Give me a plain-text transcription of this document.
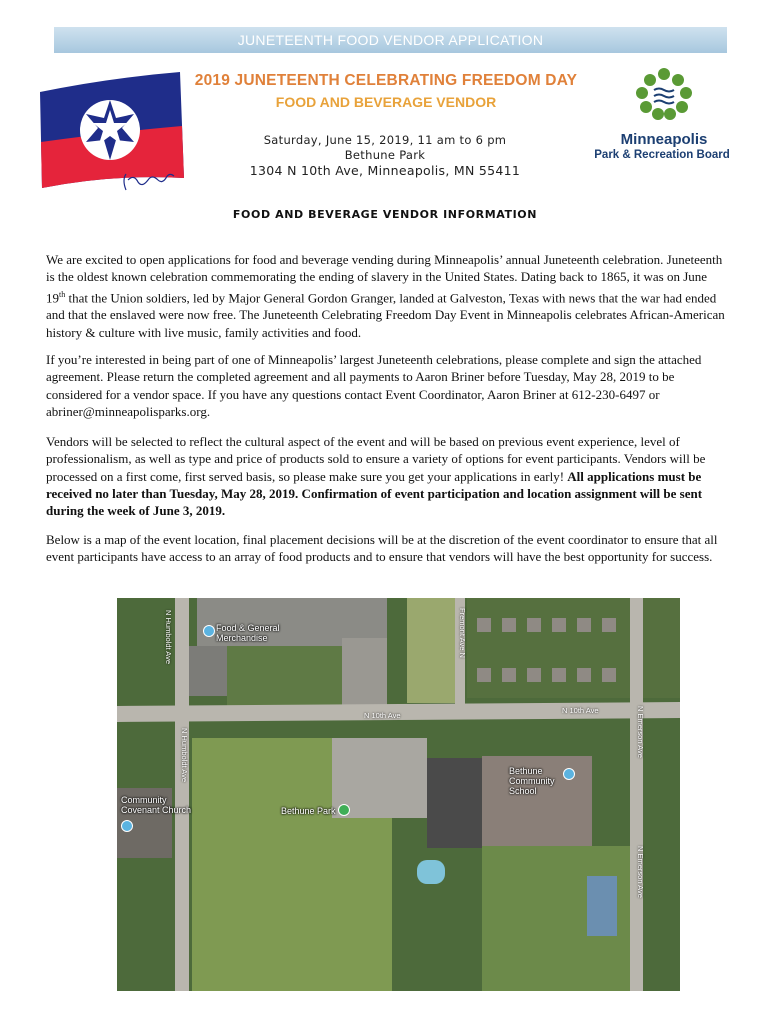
JUNETEENTH FOOD VENDOR APPLICATION
2019 JUNETEENTH CELEBRATING FREEDOM DAY
FOOD AND BEVERAGE VENDOR
Saturday, June 15, 2019, 11 am to 6 pm
Bethune Park
1304 N 10th Ave, Minneapolis, MN 55411
Minneapolis
Park & Recreation Board
FOOD AND BEVERAGE VENDOR INFORMATION

We are excited to open applications for food and beverage vending during Minneapolis’ annual Juneteenth celebration. Juneteenth is the oldest known celebration commemorating the ending of slavery in the United States. Dating back to 1865, it was on June 19th that the Union soldiers, led by Major General Gordon Granger, landed at Galveston, Texas with news that the war had ended and that the enslaved were now free. The Juneteenth Celebrating Freedom Day Event in Minneapolis celebrates African-American history & culture with live music, family activities and food.

If you’re interested in being part of one of Minneapolis’ largest Juneteenth celebrations, please complete and sign the attached agreement. Please return the completed agreement and all payments to Aaron Briner before Tuesday, May 28, 2019 to be considered for a vendor space. If you have any questions contact Event Coordinator, Aaron Briner at 612-230-6497 or abriner@minneapolisparks.org.

Vendors will be selected to reflect the cultural aspect of the event and will be based on previous event experience, level of professionalism, as well as type and price of products sold to ensure a variety of options for event participants. Vendors will be processed on a first come, first served basis, so please make sure you get your applications in early! All applications must be received no later than Tuesday, May 28, 2019. Confirmation of event participation and location assignment will be sent during the week of June 3, 2019.

Below is a map of the event location, final placement decisions will be at the discretion of the event coordinator to ensure that all event participants have access to an array of food products and to ensure that vendors will have the best opportunity for success.

N Humboldt Ave
N Humboldt Ave
Fremont Ave N
N 10th Ave
N 10th Ave	N Emerson Ave
N Emerson Ave
Food & General Merchandise
Bethune Community School
Community Covenant Church	Bethune Park
